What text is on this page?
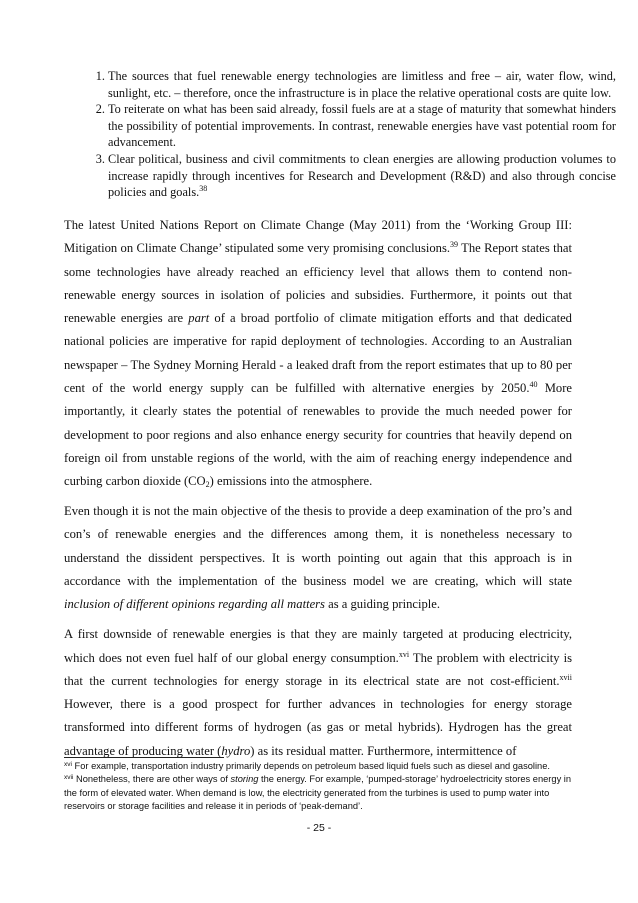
1. The sources that fuel renewable energy technologies are limitless and free – air, water flow, wind, sunlight, etc. – therefore, once the infrastructure is in place the relative operational costs are quite low.
2. To reiterate on what has been said already, fossil fuels are at a stage of maturity that somewhat hinders the possibility of potential improvements. In contrast, renewable energies have vast potential room for advancement.
3. Clear political, business and civil commitments to clean energies are allowing production volumes to increase rapidly through incentives for Research and Development (R&D) and also through concise policies and goals.$^{38}$

The latest United Nations Report on Climate Change (May 2011) from the ‘Working Group III: Mitigation on Climate Change’ stipulated some very promising conclusions.$^{39}$ The Report states that some technologies have already reached an efficiency level that allows them to contend non-renewable energy sources in isolation of policies and subsidies. Furthermore, it points out that renewable energies are part of a broad portfolio of climate mitigation efforts and that dedicated national policies are imperative for rapid deployment of technologies. According to an Australian newspaper – The Sydney Morning Herald - a leaked draft from the report estimates that up to 80 per cent of the world energy supply can be fulfilled with alternative energies by 2050.40 More importantly, it clearly states the potential of renewables to provide the much needed power for development to poor regions and also enhance energy security for countries that heavily depend on foreign oil from unstable regions of the world, with the aim of reaching energy independence and curbing carbon dioxide $(CO_2)$ emissions into the atmosphere.

Even though it is not the main objective of the thesis to provide a deep examination of the pro’s and con’s of renewable energies and the differences among them, it is nonetheless necessary to understand the dissident perspectives. It is worth pointing out again that this approach is in accordance with the implementation of the business model we are creating, which will state inclusion of different opinions regarding all matters as a guiding principle.

A first downside of renewable energies is that they are mainly targeted at producing electricity, which does not even fuel half of our global energy consumption.$^{xvi}$ The problem with electricity is that the current technologies for energy storage in its electrical state are not cost-efficient.$^{xvii}$ However, there is a good prospect for further advances in technologies for energy storage transformed into different forms of hydrogen (as gas or metal hybrids). Hydrogen has the great advantage of producing water (hydro) as its residual matter. Furthermore, intermittence of

$^{xvi}$ For example, transportation industry primarily depends on petroleum based liquid fuels such as diesel and gasoline.

$^{xvii}$ Nonetheless, there are other ways of storing the energy. For example, ‘pumped-storage’ hydroelectricity stores energy in the form of elevated water. When demand is low, the electricity generated from the turbines is used to pump water into reservoirs or storage facilities and release it in periods of ‘peak-demand’.

- 25 -
